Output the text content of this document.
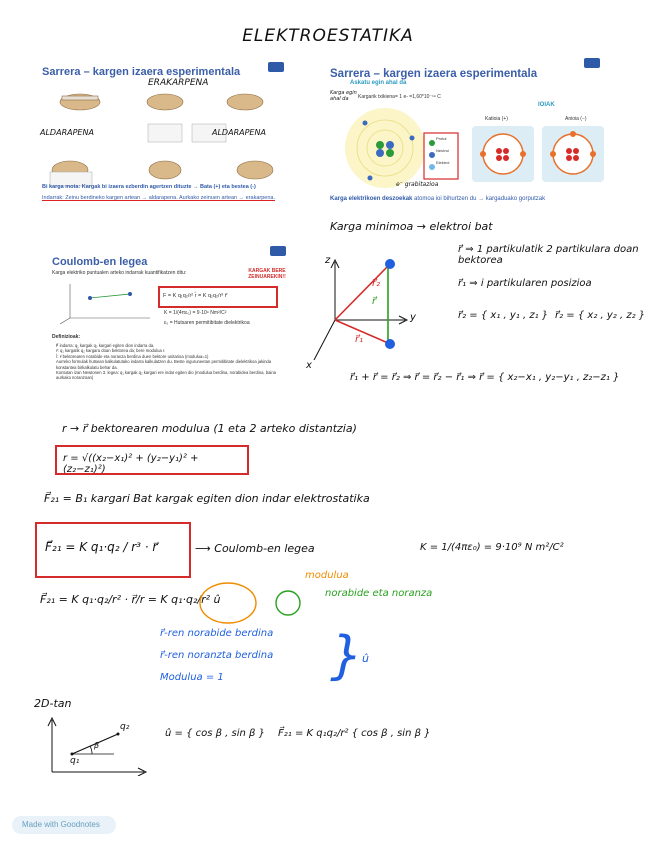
ELEKTROESTATIKA
Sarrera – kargen izaera esperimentala
ERAKARPENA
ALDARAPENA	ALDARAPENA
Bi karga mota: Kargak bi izaera ezberdin agertzen dituzte → Bata (+) eta bestea (-)
Indarrak: Zeinu berdineko kargen artean → aldarapena. Aurkako zeinuen artean → erakarpena.
Sarrera – kargen izaera esperimentala
Askatu egin ahal da
Karga egin ahal da	Kargarik txikiena= 1 e- =1,60*10⁻¹⁹ C
Protoi
Neutroi
Elektroi
e⁻ grabitazioa
IOIAK
Katioia (+)	Anioia (−)
Karga elektrikoen deszoekak atomoa ioi bihurtzen du → kargaduako gorputzak
Karga minimoa → elektroi bat
Coulomb-en legea
Karga elektriko puntualen arteko indarrak kuantifikatzen ditu:	KARGAK BERE ZEINUAREKIN!!
F = K q₁q₂/r² r̂ = K q₁q₂/r³ r⃗
K = 1/(4πε₀) = 9·10⁹ Nm²/C²
ε₀ = Hutsaren permitibitate dielektrikoa
Definizioak:
F⃗ indarra: q₁ kargak q₂ kargari egiten dion indarra da.
r⃗: q₁ kargatik q₂ kargara doan bektorea da; bere modulua r.
r̂: r⃗ bektorearen norabide eta noranza berdina duen bektore unitarioa (modulua=1)
Aurreko formulak hutsean kalkulatutako indarra kalkulatzen du. Beste inguruneetan permitibitate dielektrikoa jakinda konstantea birkalkulatu behar da.
Kontutan izan Newtonen 3. legea: q₁ kargak q₂ kargari ere indar egiten dio (modulua berdina, norabidea berdina, baina aurkako noranzoan)
z
y
x
r⃗
r⃗₂
r⃗₁
r⃗ ⇒ 1 partikulatik 2 partikulara doan bektorea
r⃗₁ ⇒ i partikularen posizioa
r⃗₂ = { x₁ , y₁ , z₁ } r⃗₂ = { x₂ , y₂ , z₂ }
r⃗₁ + r⃗ = r⃗₂ ⇒ r⃗ = r⃗₂ − r⃗₁ ⇒ r⃗ = { x₂−x₁ , y₂−y₁ , z₂−z₁ }
r → r⃗ bektorearen modulua (1 eta 2 arteko distantzia)
r = √((x₂−x₁)² + (y₂−y₁)² + (z₂−z₁)²)
F⃗₂₁ = B₁ kargari Bat kargak egiten dion indar elektrostatika
F⃗₂₁ = K q₁·q₂ / r³ · r⃗	⟶ Coulomb-en legea	K = 1/(4πε₀) = 9·10⁹ N m²/C²
F⃗₂₁ = K q₁·q₂/r² · r⃗/r = K q₁·q₂/r² û
modulua
norabide eta noranza
r⃗-ren norabide berdina
r⃗-ren noranzta berdina
Modulua = 1 }
û
2D-tan
q₂
q₁
β
û = { cos β , sin β } F⃗₂₁ = K q₁q₂/r² { cos β , sin β }
Made with Goodnotes
